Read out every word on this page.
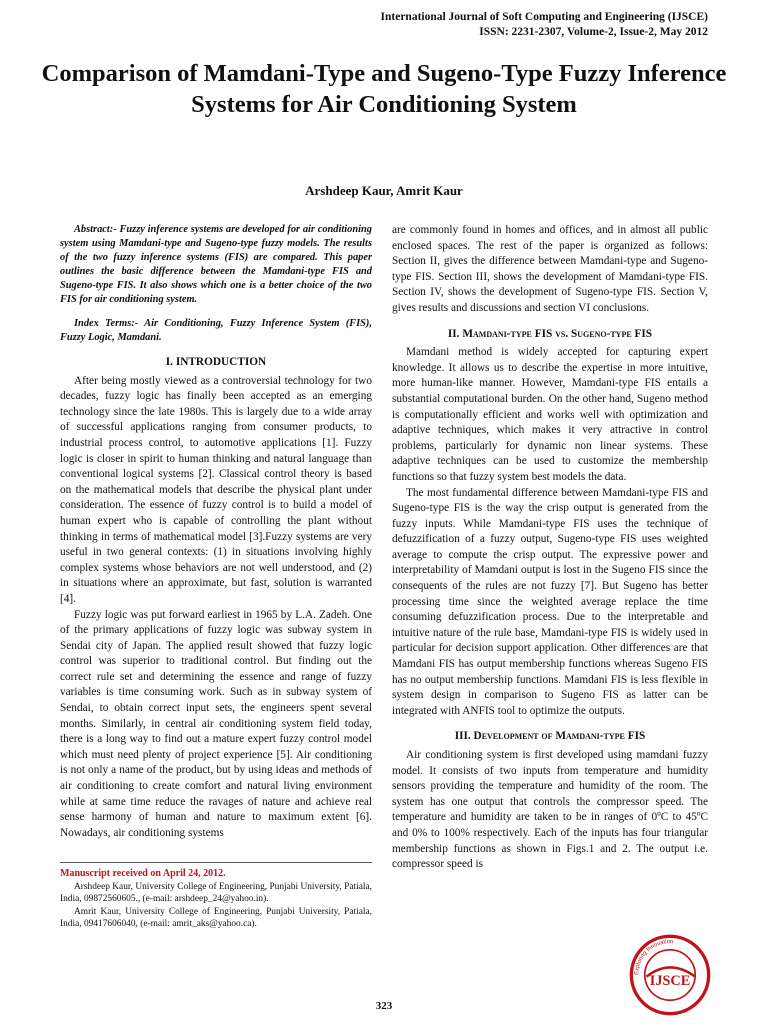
International Journal of Soft Computing and Engineering (IJSCE)
ISSN: 2231-2307, Volume-2, Issue-2, May 2012
Comparison of Mamdani-Type and Sugeno-Type Fuzzy Inference Systems for Air Conditioning System
Arshdeep Kaur, Amrit Kaur

Abstract:- Fuzzy inference systems are developed for air conditioning system using Mamdani-type and Sugeno-type fuzzy models. The results of the two fuzzy inference systems (FIS) are compared. This paper outlines the basic difference between the Mamdani-type FIS and Sugeno-type FIS. It also shows which one is a better choice of the two FIS for air conditioning system.

Index Terms:- Air Conditioning, Fuzzy Inference System (FIS), Fuzzy Logic, Mamdani.

I. INTRODUCTION

After being mostly viewed as a controversial technology for two decades, fuzzy logic has finally been accepted as an emerging technology since the late 1980s. This is largely due to a wide array of successful applications ranging from consumer products, to industrial process control, to automotive applications [1]. Fuzzy logic is closer in spirit to human thinking and natural language than conventional logical systems [2]. Classical control theory is based on the mathematical models that describe the physical plant under consideration. The essence of fuzzy control is to build a model of human expert who is capable of controlling the plant without thinking in terms of mathematical model [3].Fuzzy systems are very useful in two general contexts: (1) in situations involving highly complex systems whose behaviors are not well understood, and (2) in situations where an approximate, but fast, solution is warranted [4].

Fuzzy logic was put forward earliest in 1965 by L.A. Zadeh. One of the primary applications of fuzzy logic was subway system in Sendai city of Japan. The applied result showed that fuzzy logic control was superior to traditional control. But finding out the correct rule set and determining the essence and range of fuzzy variables is time consuming work. Such as in subway system of Sendai, to obtain correct input sets, the engineers spent several months. Similarly, in central air conditioning system field today, there is a long way to find out a mature expert fuzzy control model which must need plenty of project experience [5]. Air conditioning is not only a name of the product, but by using ideas and methods of air conditioning to create comfort and natural living environment while at same time reduce the ravages of nature and achieve real sense harmony of human and nature to maximum extent [6]. Nowadays, air conditioning systems

are commonly found in homes and offices, and in almost all public enclosed spaces. The rest of the paper is organized as follows: Section II, gives the difference between Mamdani-type and Sugeno-type FIS. Section III, shows the development of Mamdani-type FIS. Section IV, shows the development of Sugeno-type FIS. Section V, gives results and discussions and section VI conclusions.

II. Mamdani-type FIS vs. Sugeno-type FIS

Mamdani method is widely accepted for capturing expert knowledge. It allows us to describe the expertise in more intuitive, more human-like manner. However, Mamdani-type FIS entails a substantial computational burden. On the other hand, Sugeno method is computationally efficient and works well with optimization and adaptive techniques, which makes it very attractive in control problems, particularly for dynamic non linear systems. These adaptive techniques can be used to customize the membership functions so that fuzzy system best models the data.

The most fundamental difference between Mamdani-type FIS and Sugeno-type FIS is the way the crisp output is generated from the fuzzy inputs. While Mamdani-type FIS uses the technique of defuzzification of a fuzzy output, Sugeno-type FIS uses weighted average to compute the crisp output. The expressive power and interpretability of Mamdani output is lost in the Sugeno FIS since the consequents of the rules are not fuzzy [7]. But Sugeno has better processing time since the weighted average replace the time consuming defuzzification process. Due to the interpretable and intuitive nature of the rule base, Mamdani-type FIS is widely used in particular for decision support application. Other differences are that Mamdani FIS has output membership functions whereas Sugeno FIS has no output membership functions. Mamdani FIS is less flexible in system design in comparison to Sugeno FIS as latter can be integrated with ANFIS tool to optimize the outputs.

III. Development of Mamdani-type FIS

Air conditioning system is first developed using mamdani fuzzy model. It consists of two inputs from temperature and humidity sensors providing the temperature and humidity of the room. The system has one output that controls the compressor speed. The temperature and humidity are taken to be in ranges of 0ºC to 45ºC and 0% to 100% respectively. Each of the inputs has four triangular membership functions as shown in Figs.1 and 2. The output i.e. compressor speed is

Manuscript received on April 24, 2012.

Arshdeep Kaur, University College of Engineering, Punjabi University, Patiala, India, 09872560605., (e-mail: arshdeep_24@yahoo.in).

Amrit Kaur, University College of Engineering, Punjabi University, Patiala, India, 09417606040, (e-mail: amrit_aks@yahoo.ca).

323
Exploring Innovation
IJSCE
